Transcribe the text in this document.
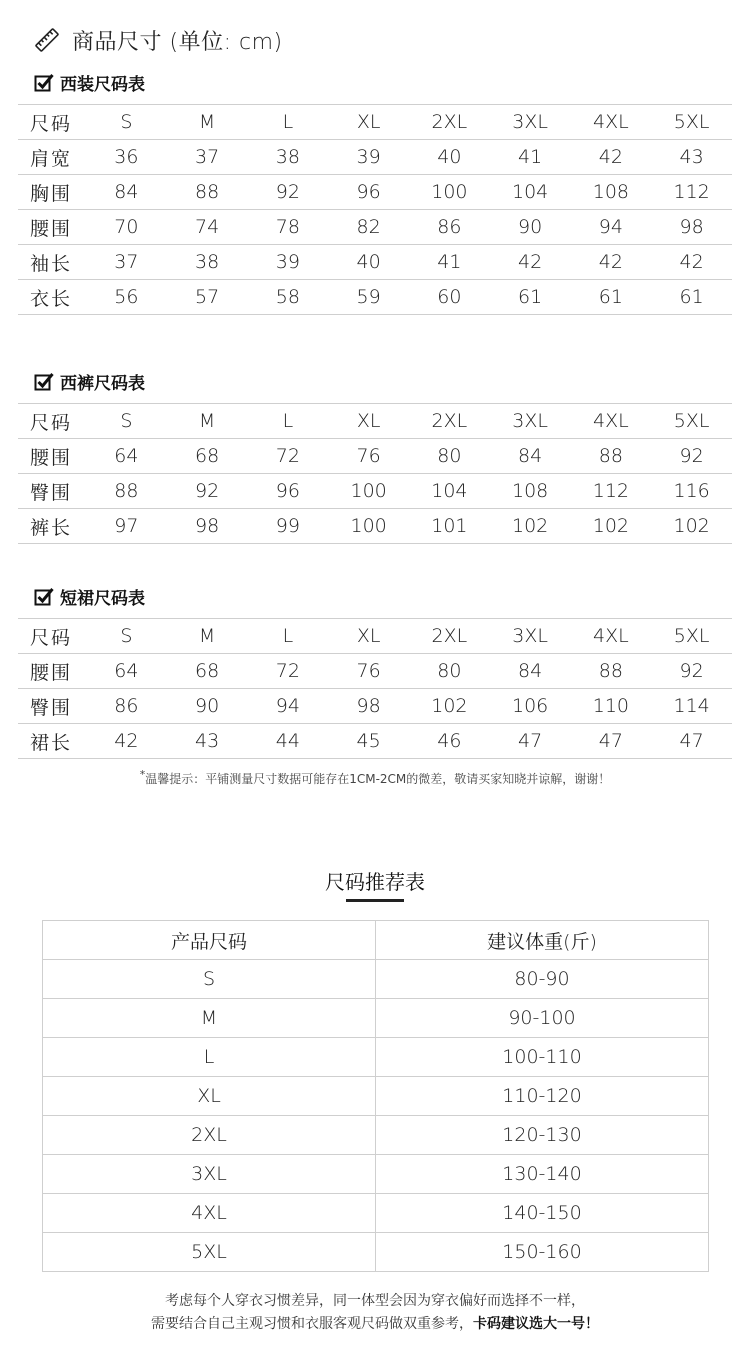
商品尺寸 (单位: cm)
西装尺码表
尺码	S	M	L	XL	2XL	3XL	4XL	5XL
肩宽	36	37	38	39	40	41	42	43
胸围	84	88	92	96	100	104	108	112
腰围	70	74	78	82	86	90	94	98
袖长	37	38	39	40	41	42	42	42
衣长	56	57	58	59	60	61	61	61
西裤尺码表
尺码	S	M	L	XL	2XL	3XL	4XL	5XL
腰围	64	68	72	76	80	84	88	92
臀围	88	92	96	100	104	108	112	116
裤长	97	98	99	100	101	102	102	102
短裙尺码表
尺码	S	M	L	XL	2XL	3XL	4XL	5XL
腰围	64	68	72	76	80	84	88	92
臀围	86	90	94	98	102	106	110	114
裙长	42	43	44	45	46	47	47	47
*温馨提示：平铺测量尺寸数据可能存在1CM-2CM的微差，敬请买家知晓并谅解，谢谢！
尺码推荐表
产品尺码	建议体重(斤)
S	80-90
M	90-100
L	100-110
XL	110-120
2XL	120-130
3XL	130-140
4XL	140-150
5XL	150-160
考虑每个人穿衣习惯差异，同一体型会因为穿衣偏好而选择不一样，
需要结合自己主观习惯和衣服客观尺码做双重参考，卡码建议选大一号！
